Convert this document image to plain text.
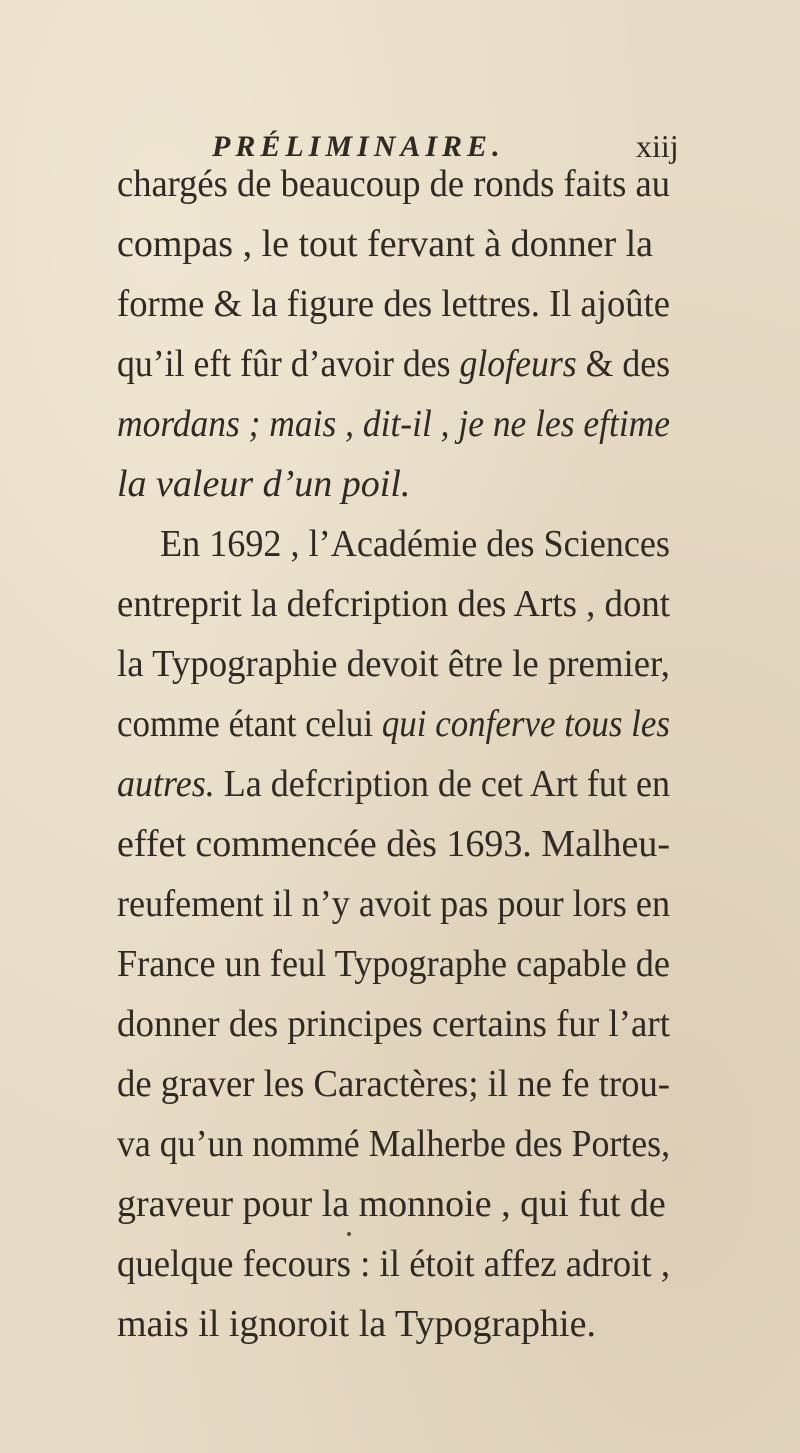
PRÉLIMINAIRE.	xiij
chargés de beaucoup de ronds faits au
compas , le tout fervant à donner la
forme & la figure des lettres. Il ajoûte
qu’il eft fûr d’avoir des glofeurs & des
mordans ; mais , dit-il , je ne les eftime
la valeur d’un poil.
En 1692 , l’Académie des Sciences
entreprit la defcription des Arts , dont
la Typographie devoit être le premier,
comme étant celui qui conferve tous les
autres. La defcription de cet Art fut en
effet commencée dès 1693. Malheu-
reufement il n’y avoit pas pour lors en
France un feul Typographe capable de
donner des principes certains fur l’art
de graver les Caractères; il ne fe trou-
va qu’un nommé Malherbe des Portes,
graveur pour la monnoie , qui fut de
quelque fecours : il étoit affez adroit ,
mais il ignoroit la Typographie.
